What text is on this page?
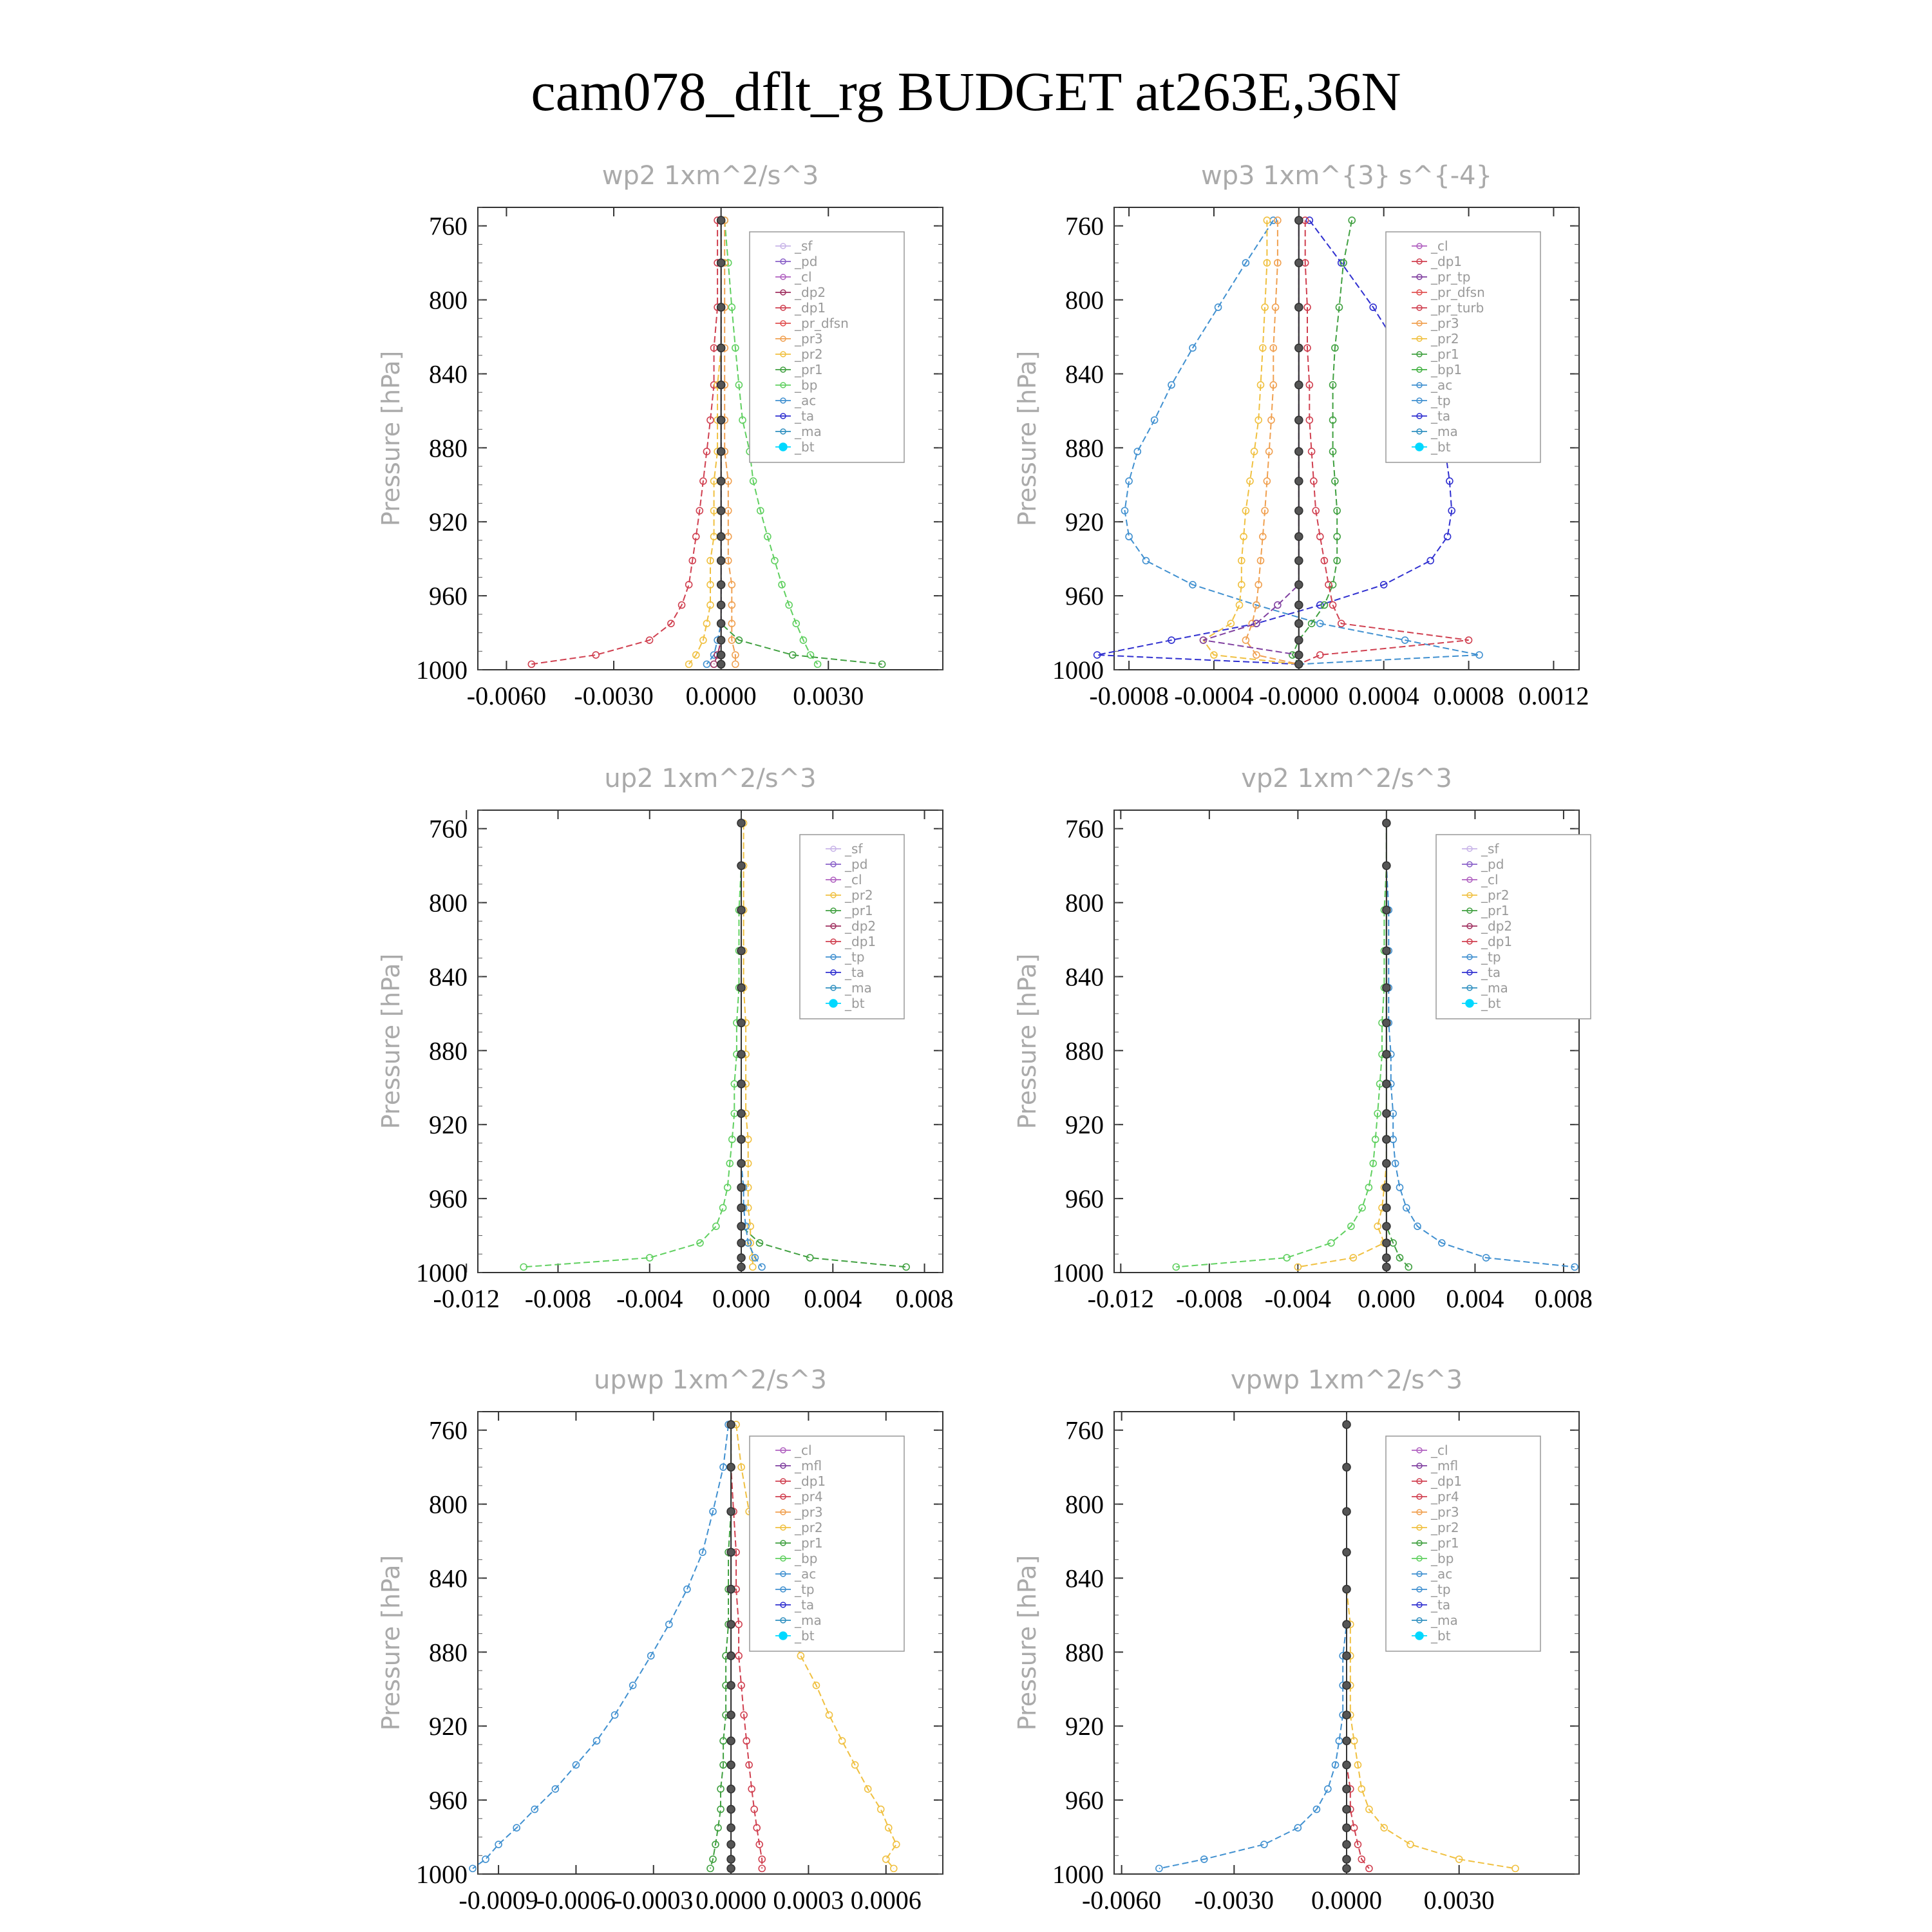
cam078_dflt_rg BUDGET at263E,36N
wp2 1xm^2/s^3
Pressure [hPa]
760
800
840
880
920
960
1000
-0.0060 -0.0030 0.0000 0.0030
_sf
_pd
_cl
_dp2
_dp1
_pr_dfsn
_pr3
_pr2
_pr1
_bp
_ac
_ta
_ma
_bt
wp3 1xm^{3} s^{-4}
Pressure [hPa]
760
800
840
880
920
960
1000
-0.0008 -0.0004 -0.0000 0.0004 0.0008 0.0012
_cl
_dp1
_pr_tp
_pr_dfsn
_pr_turb
_pr3
_pr2
_pr1
_bp1
_ac
_tp
_ta
_ma
_bt
up2 1xm^2/s^3
Pressure [hPa]
760
800
840
880
920
960
1000
-0.012 -0.008 -0.004 0.000 0.004 0.008
_sf
_pd
_cl
_pr2
_pr1
_dp2
_dp1
_tp
_ta
_ma
_bt
vp2 1xm^2/s^3
Pressure [hPa]
760
800
840
880
920
960
1000
-0.012 -0.008 -0.004 0.000 0.004 0.008
_sf
_pd
_cl
_pr2
_pr1
_dp2
_dp1
_tp
_ta
_ma
_bt
upwp 1xm^2/s^3
Pressure [hPa]
760
800
840
880
920
960
1000
-0.0009
-0.0006
-0.0003 0.0000 0.0003 0.0006
_cl
_mfl
_dp1
_pr4
_pr3
_pr2
_pr1
_bp
_ac
_tp
_ta
_ma
_bt
vpwp 1xm^2/s^3
Pressure [hPa]
760
800
840
880
920
960
1000
-0.0060 -0.0030 0.0000 0.0030
_cl
_mfl
_dp1
_pr4
_pr3
_pr2
_pr1
_bp
_ac
_tp
_ta
_ma
_bt
